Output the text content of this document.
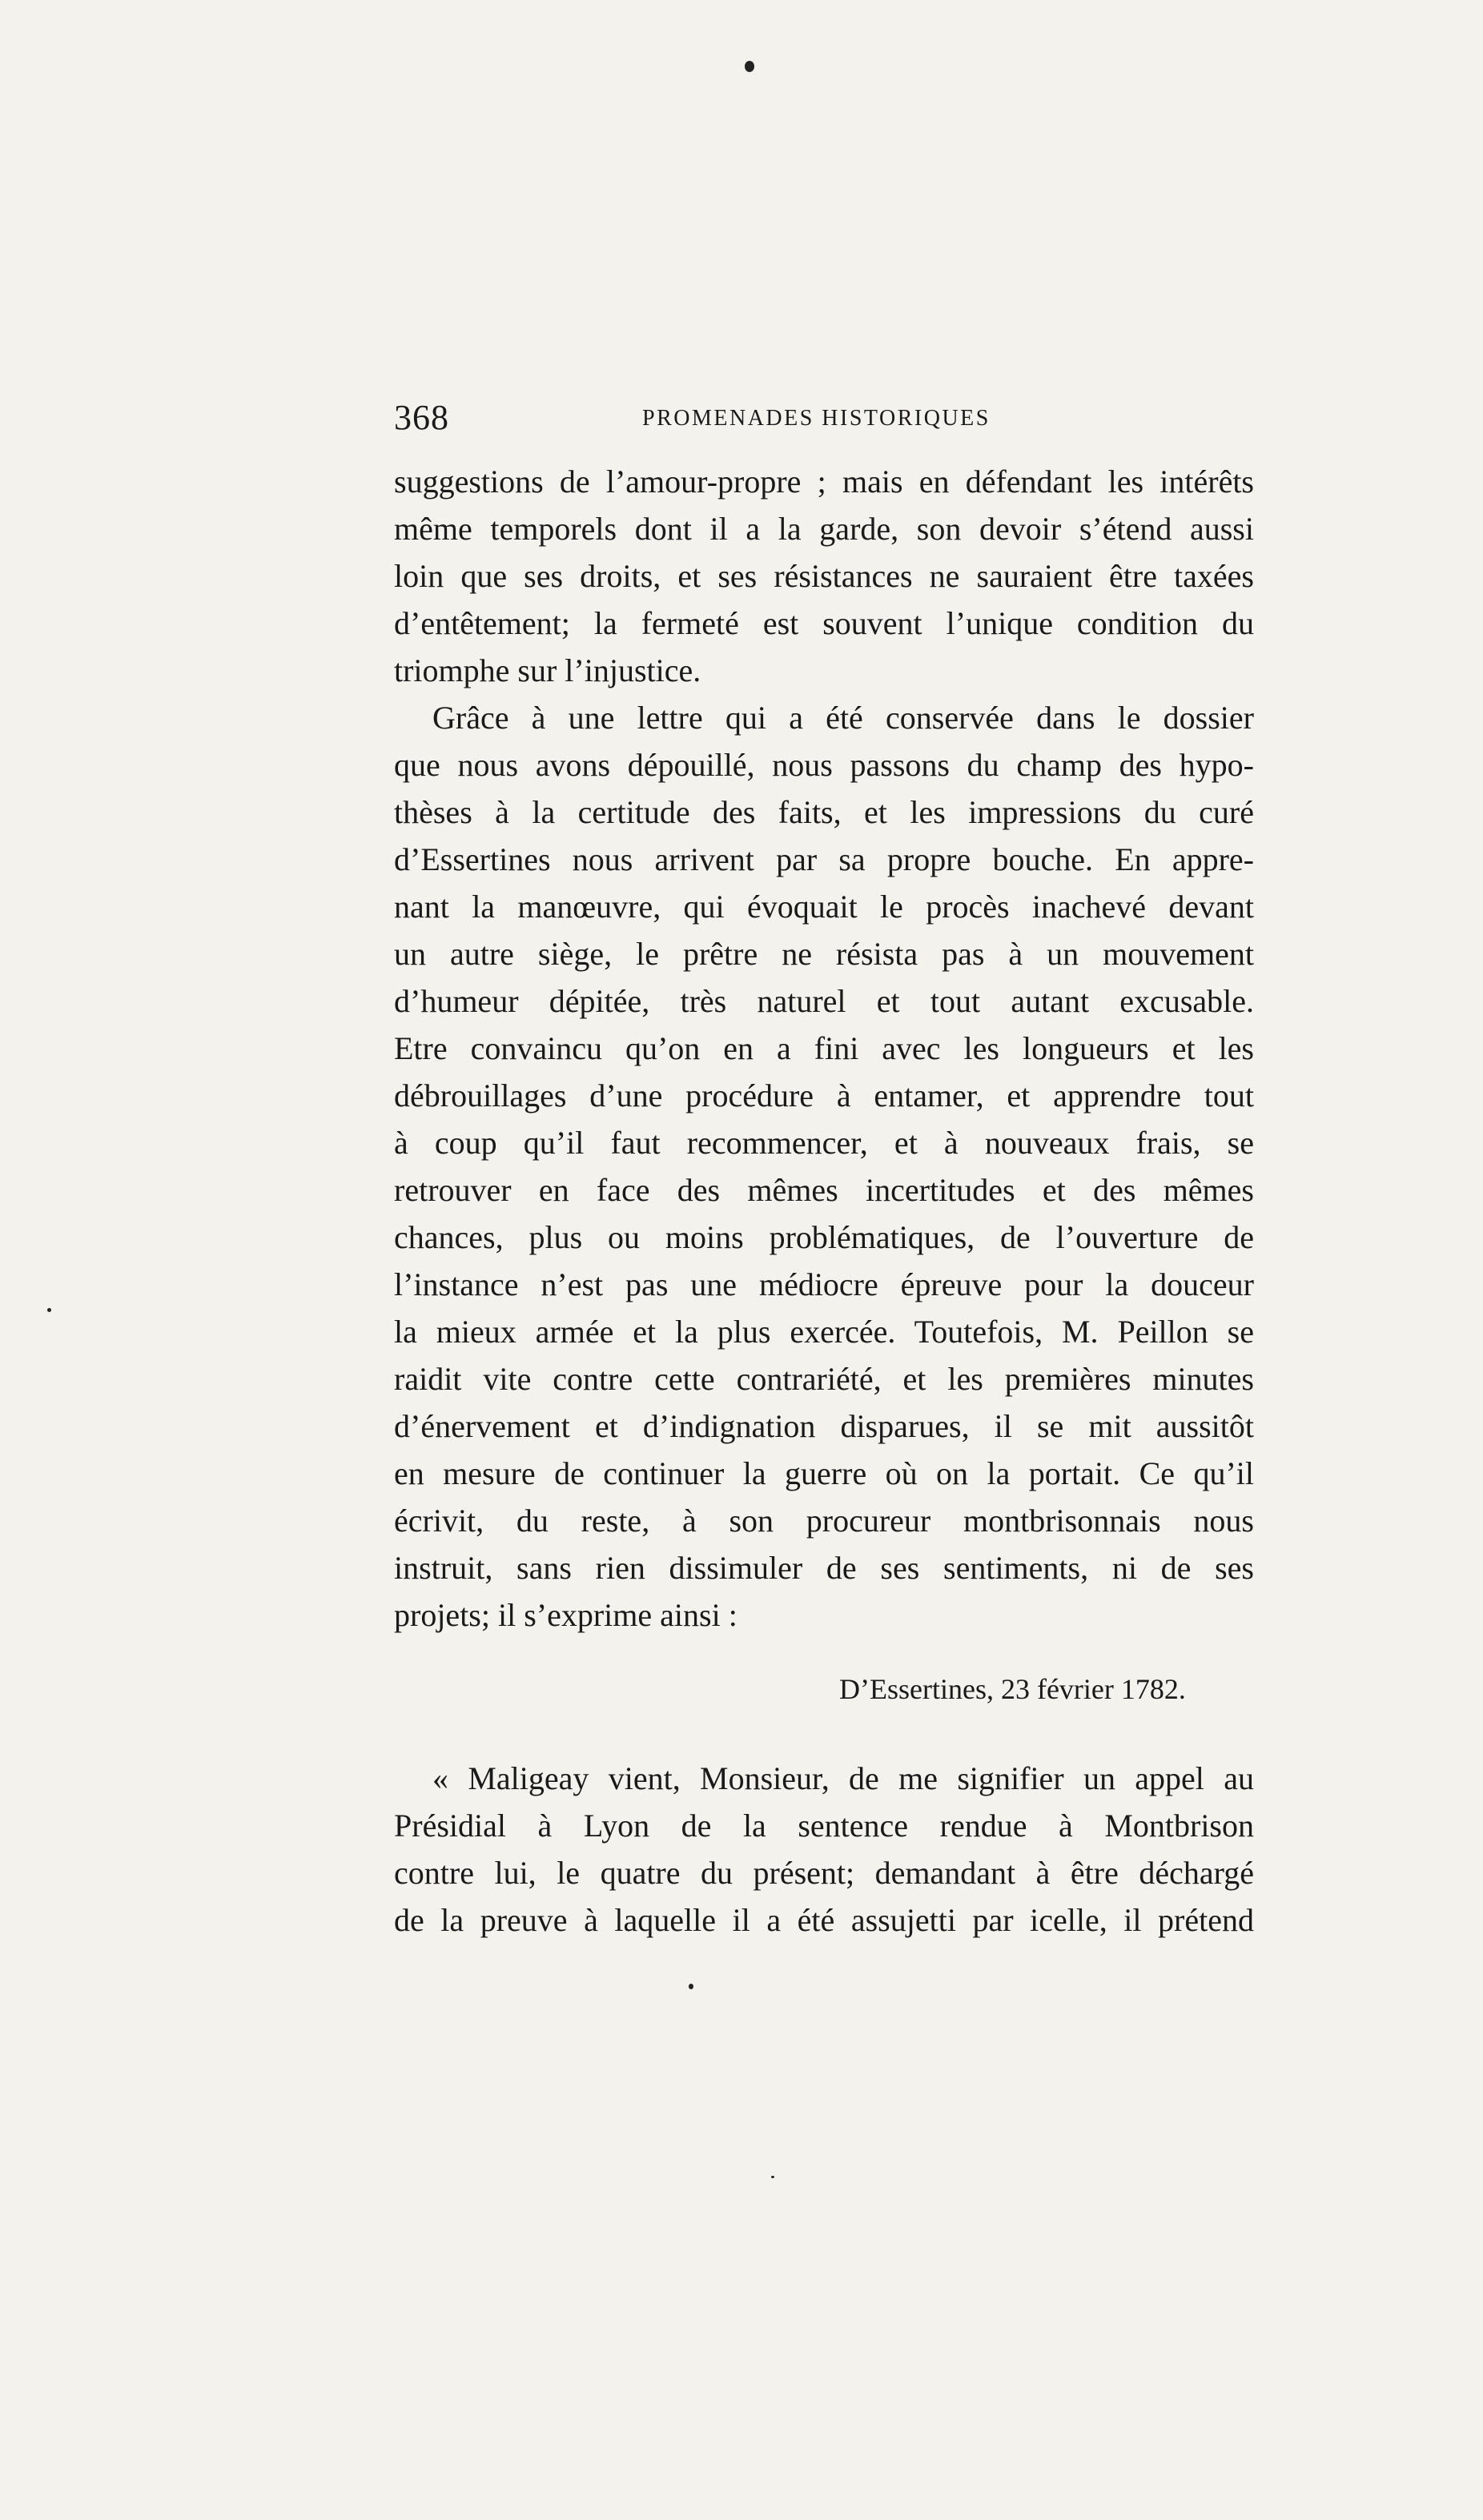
368	PROMENADES HISTORIQUES
suggestions de l’amour-propre ; mais en défendant les intérêts
même temporels dont il a la garde, son devoir s’étend aussi
loin que ses droits, et ses résistances ne sauraient être taxées
d’entêtement; la fermeté est souvent l’unique condition du
triomphe sur l’injustice.
Grâce à une lettre qui a été conservée dans le dossier
que nous avons dépouillé, nous passons du champ des hypo-
thèses à la certitude des faits, et les impressions du curé
d’Essertines nous arrivent par sa propre bouche. En appre-
nant la manœuvre, qui évoquait le procès inachevé devant
un autre siège, le prêtre ne résista pas à un mouvement
d’humeur dépitée, très naturel et tout autant excusable.
Etre convaincu qu’on en a fini avec les longueurs et les
débrouillages d’une procédure à entamer, et apprendre tout
à coup qu’il faut recommencer, et à nouveaux frais, se
retrouver en face des mêmes incertitudes et des mêmes
chances, plus ou moins problématiques, de l’ouverture de
l’instance n’est pas une médiocre épreuve pour la douceur
la mieux armée et la plus exercée. Toutefois, M. Peillon se
raidit vite contre cette contrariété, et les premières minutes
d’énervement et d’indignation disparues, il se mit aussitôt
en mesure de continuer la guerre où on la portait. Ce qu’il
écrivit, du reste, à son procureur montbrisonnais nous
instruit, sans rien dissimuler de ses sentiments, ni de ses
projets; il s’exprime ainsi :
D’Essertines, 23 février 1782.
« Maligeay vient, Monsieur, de me signifier un appel au
Présidial à Lyon de la sentence rendue à Montbrison
contre lui, le quatre du présent; demandant à être déchargé
de la preuve à laquelle il a été assujetti par icelle, il prétend
